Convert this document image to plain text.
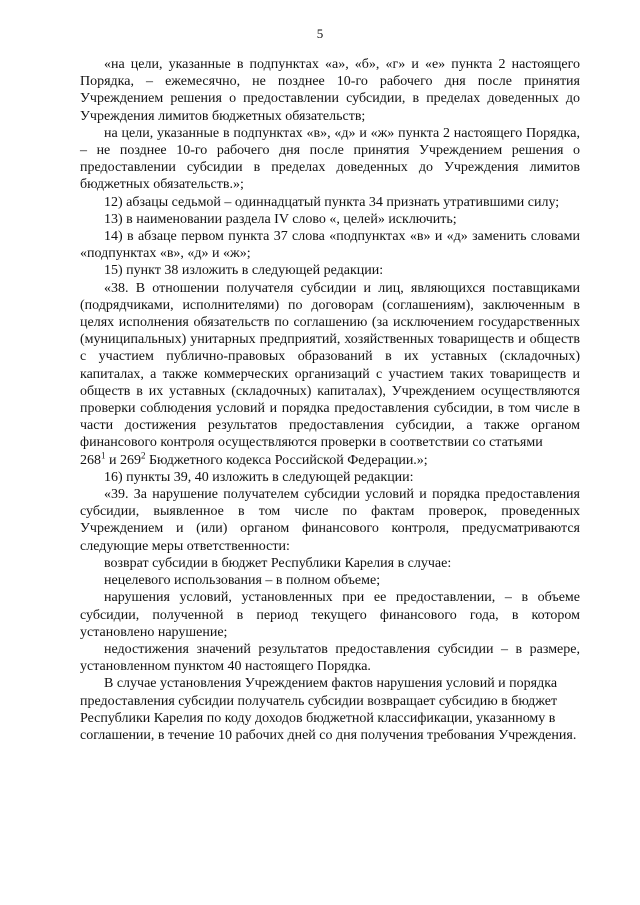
5

«на цели, указанные в подпунктах «а», «б», «г» и «е» пункта 2 настоящего Порядка, – ежемесячно, не позднее 10-го рабочего дня после принятия Учреждением решения о предоставлении субсидии, в пределах доведенных до Учреждения лимитов бюджетных обязательств;

на цели, указанные в подпунктах «в», «д» и «ж» пункта 2 настоящего Порядка, – не позднее 10-го рабочего дня после принятия Учреждением решения о предоставлении субсидии в пределах доведенных до Учреждения лимитов бюджетных обязательств.»;

12) абзацы седьмой – одиннадцатый пункта 34 признать утратившими силу;

13) в наименовании раздела IV слово «, целей» исключить;

14) в абзаце первом пункта 37 слова «подпунктах «в» и «д» заменить словами «подпунктах «в», «д» и «ж»;

15) пункт 38 изложить в следующей редакции:

«38. В отношении получателя субсидии и лиц, являющихся поставщиками (подрядчиками, исполнителями) по договорам (соглашениям), заключенным в целях исполнения обязательств по соглашению (за исключением государственных (муниципальных) унитарных предприятий, хозяйственных товариществ и обществ с участием публично-правовых образований в их уставных (складочных) капиталах, а также коммерческих организаций с участием таких товариществ и обществ в их уставных (складочных) капиталах), Учреждением осуществляются проверки соблюдения условий и порядка предоставления субсидии, в том числе в части достижения результатов предоставления субсидии, а также органом финансового контроля осуществляются проверки в соответствии со статьями
$268^1$ и $269^2$ Бюджетного кодекса Российской Федерации.»;

16) пункты 39, 40 изложить в следующей редакции:

«39. За нарушение получателем субсидии условий и порядка предоставления субсидии, выявленное в том числе по фактам проверок, проведенных Учреждением и (или) органом финансового контроля, предусматриваются следующие меры ответственности:

возврат субсидии в бюджет Республики Карелия в случае:

нецелевого использования – в полном объеме;

нарушения условий, установленных при ее предоставлении, – в объеме субсидии, полученной в период текущего финансового года, в котором установлено нарушение;

недостижения значений результатов предоставления субсидии – в размере, установленном пунктом 40 настоящего Порядка.

В случае установления Учреждением фактов нарушения условий и порядка предоставления субсидии получатель субсидии возвращает субсидию в бюджет Республики Карелия по коду доходов бюджетной классификации, указанному в соглашении, в течение 10 рабочих дней со дня получения требования Учреждения.
